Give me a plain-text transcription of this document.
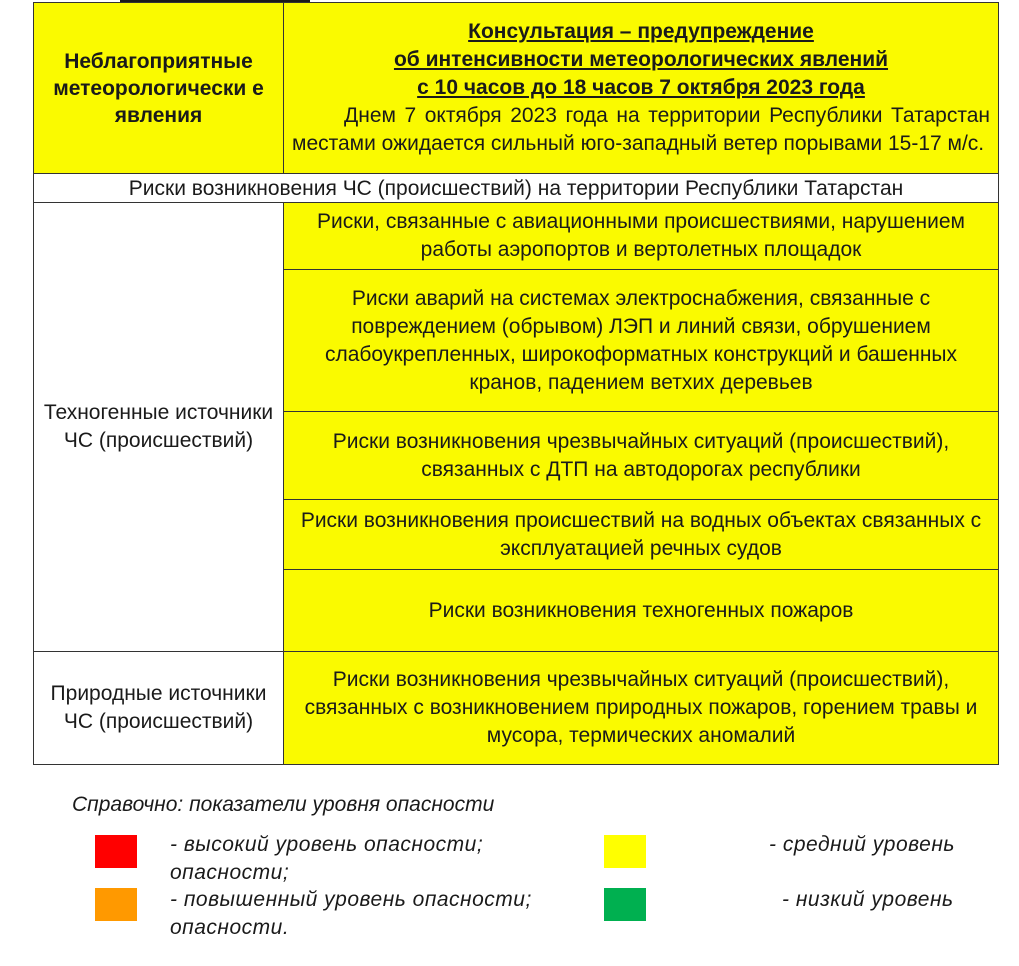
Неблагоприятные метеорологически е явления	Консультация – предупреждение
об интенсивности метеорологических явлений
с 10 часов до 18 часов 7 октября 2023 года
Днем 7 октября 2023 года на территории Республики Татарстан местами ожидается сильный юго-западный ветер порывами 15-17 м/с.

Риски возникновения ЧС (происшествий) на территории Республики Татарстан	
Техногенные источники ЧС (происшествий)	Риски, связанные с авиационными происшествиями, нарушением работы аэропортов и вертолетных площадок
	Риски аварий на системах электроснабжения, связанные с повреждением (обрывом) ЛЭП и линий связи, обрушением слабоукрепленных, широкоформатных конструкций и башенных кранов, падением ветхих деревьев
	Риски возникновения чрезвычайных ситуаций (происшествий), связанных с ДТП на автодорогах республики
	Риски возникновения происшествий на водных объектах связанных с эксплуатацией речных судов
	Риски возникновения техногенных пожаров
Природные источники ЧС (происшествий)	Риски возникновения чрезвычайных ситуаций (происшествий), связанных с возникновением природных пожаров, горением травы и мусора, термических аномалий
Справочно: показатели уровня опасности
- высокий уровень опасности;
опасности;
- средний уровень
- повышенный уровень опасности;
опасности.
- низкий уровень
